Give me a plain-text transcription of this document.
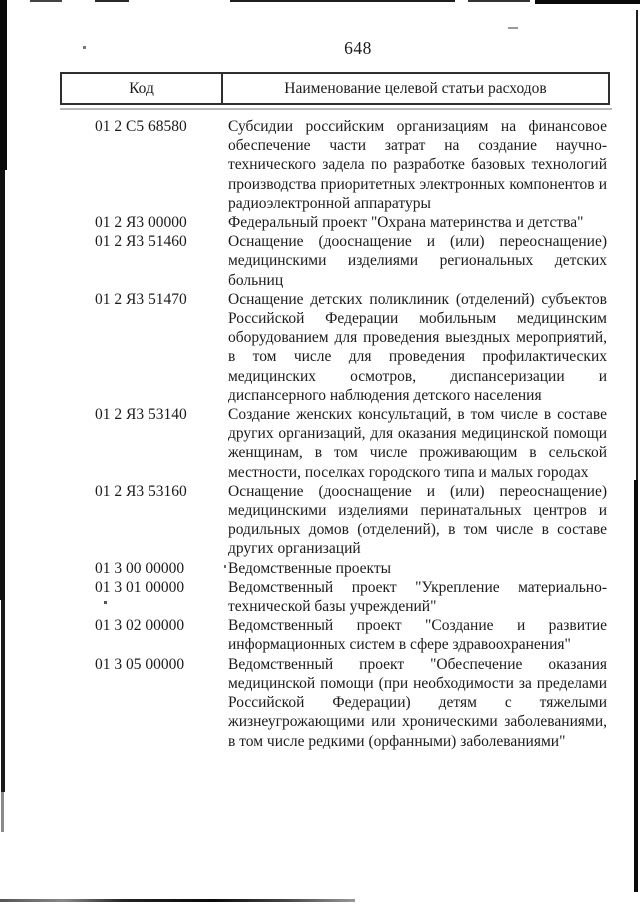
648
Код	Наименование целевой статьи расходов
01 2 C5 68580	Субсидии российским организациям на финансовое обеспечение части затрат на создание научно-технического задела по разработке базовых технологий производства приоритетных электронных компонентов и радиоэлектронной аппаратуры
01 2 Я3 00000	Федеральный проект "Охрана материнства и детства"
01 2 Я3 51460	Оснащение (дооснащение и (или) переоснащение) медицинскими изделиями региональных детских больниц
01 2 Я3 51470	Оснащение детских поликлиник (отделений) субъектов Российской Федерации мобильным медицинским оборудованием для проведения выездных мероприятий, в том числе для проведения профилактических медицинских осмотров, диспансеризации и диспансерного наблюдения детского населения
01 2 Я3 53140	Создание женских консультаций, в том числе в составе других организаций, для оказания медицинской помощи женщинам, в том числе проживающим в сельской местности, поселках городского типа и малых городах
01 2 Я3 53160	Оснащение (дооснащение и (или) переоснащение) медицинскими изделиями перинатальных центров и родильных домов (отделений), в том числе в составе других организаций
01 3 00 00000	Ведомственные проекты
01 3 01 00000	Ведомственный проект "Укрепление материально-технической базы учреждений"
01 3 02 00000	Ведомственный проект "Создание и развитие информационных систем в сфере здравоохранения"
01 3 05 00000	Ведомственный проект "Обеспечение оказания медицинской помощи (при необходимости за пределами Российской Федерации) детям с тяжелыми жизнеугрожающими или хроническими заболеваниями, в том числе редкими (орфанными) заболеваниями"
